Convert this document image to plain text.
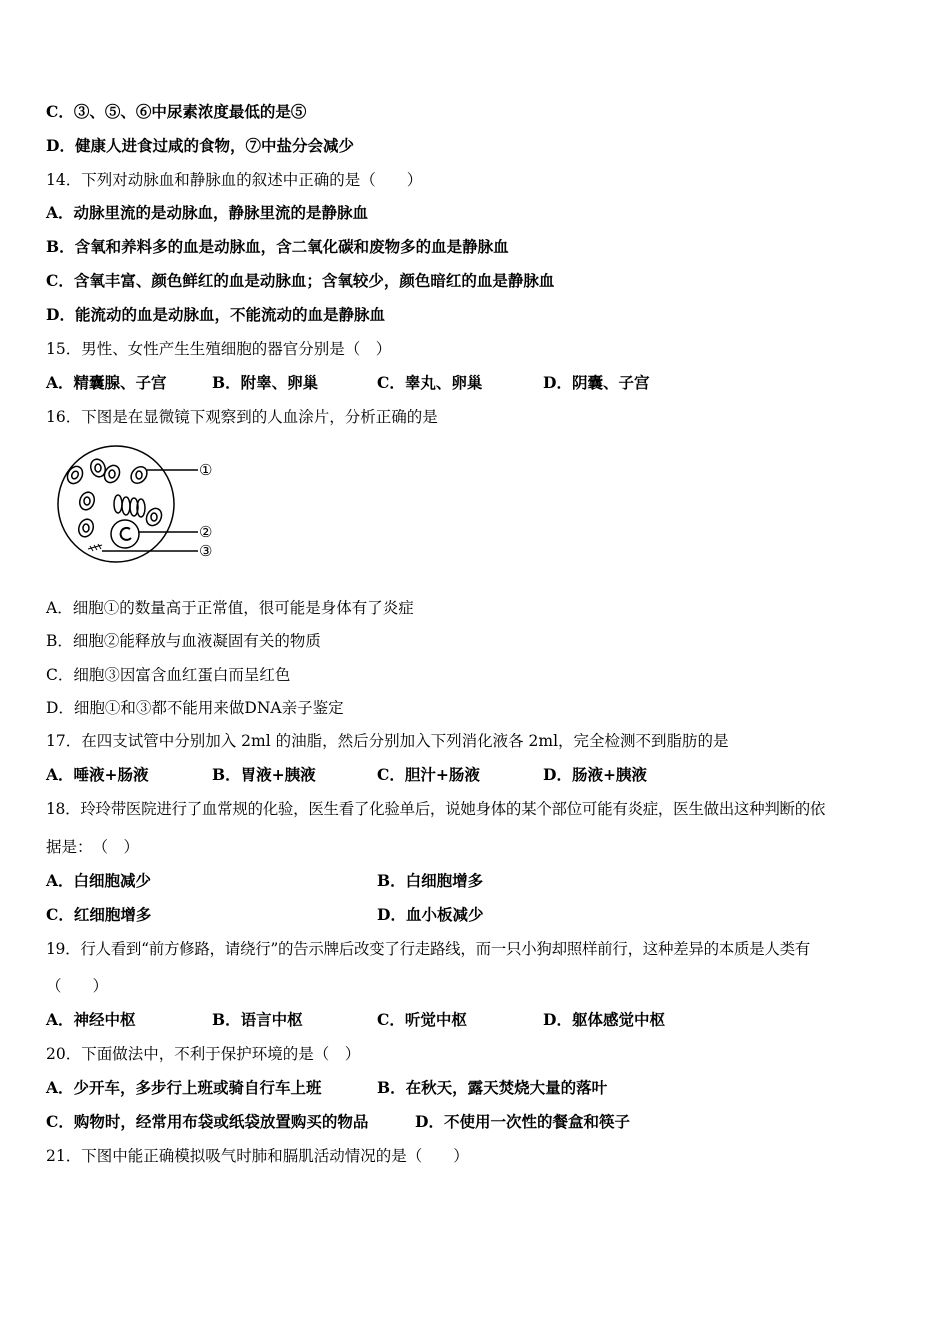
C．③、⑤、⑥中尿素浓度最低的是⑤
D．健康人进食过咸的食物，⑦中盐分会减少
14．下列对动脉血和静脉血的叙述中正确的是（　　）
A．动脉里流的是动脉血，静脉里流的是静脉血
B．含氧和养料多的血是动脉血，含二氧化碳和废物多的血是静脉血
C．含氧丰富、颜色鲜红的血是动脉血；含氧较少，颜色暗红的血是静脉血
D．能流动的血是动脉血，不能流动的血是静脉血
15．男性、女性产生生殖细胞的器官分别是（　）
A．精囊腺、子宫	B．附睾、卵巢	C．睾丸、卵巢	D．阴囊、子宫
16．下图是在显微镜下观察到的人血涂片，分析正确的是
①
②
③
A．细胞①的数量高于正常值，很可能是身体有了炎症
B．细胞②能释放与血液凝固有关的物质
C．细胞③因富含血红蛋白而呈红色
D．细胞①和③都不能用来做DNA亲子鉴定
17．在四支试管中分别加入 2ml 的油脂，然后分别加入下列消化液各 2ml，完全检测不到脂肪的是
A．唾液+肠液	B．胃液+胰液	C．胆汁+肠液	D．肠液+胰液
18．玲玲带医院进行了血常规的化验，医生看了化验单后，说她身体的某个部位可能有炎症，医生做出这种判断的依
据是：　（　）
A．白细胞减少	B．白细胞增多
C．红细胞增多	D．血小板减少
19．行人看到“前方修路，请绕行”的告示牌后改变了行走路线，而一只小狗却照样前行，这种差异的本质是人类有
（　　）
A．神经中枢	B．语言中枢	C．听觉中枢	D．躯体感觉中枢
20．下面做法中，不利于保护环境的是（　）
A．少开车，多步行上班或骑自行车上班	B．在秋天，露天焚烧大量的落叶
C．购物时，经常用布袋或纸袋放置购买的物品	D．不使用一次性的餐盒和筷子
21．下图中能正确模拟吸气时肺和膈肌活动情况的是（　　）
